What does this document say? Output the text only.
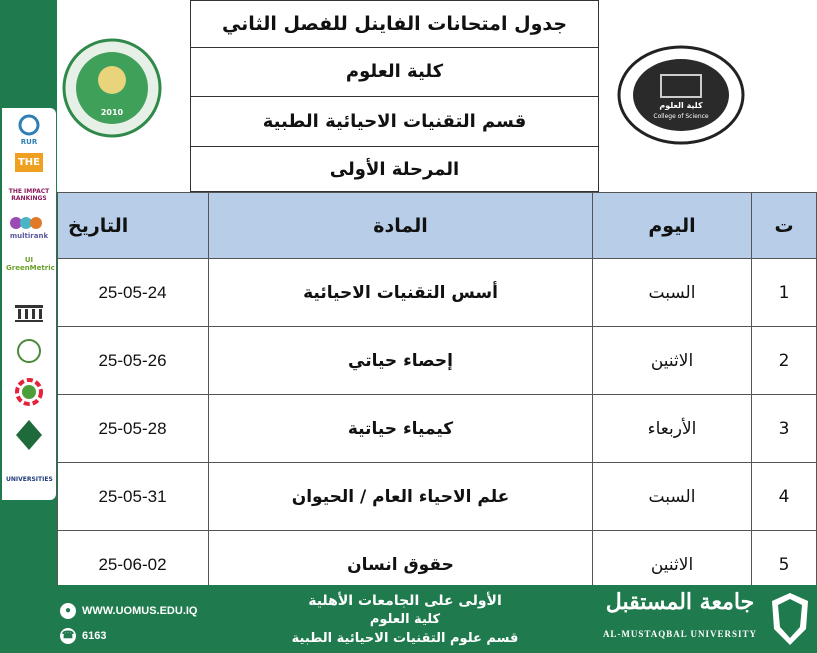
RUR
THE
THE IMPACT RANKINGS
multirank
UI GreenMetric
UNIVERSITIES
2010
كلية العلوم
College of Science
جدول امتحانات الفاينل للفصل الثاني
كلية العلوم
قسم التقنيات الاحيائية الطبية
المرحلة الأولى
ت	اليوم	المادة	التاريخ
1	السبت	أسس التقنيات الاحيائية	25-05-24
2	الاثنين	إحصاء حياتي	25-05-26
3	الأربعاء	كيمياء حياتية	25-05-28
4	السبت	علم الاحياء العام / الحيوان	25-05-31
5	الاثنين	حقوق انسان	25-06-02
● WWW.UOMUS.EDU.IQ
☎ 6163
الأولى على الجامعات الأهلية
كلية العلوم
قسم علوم التقنيات الاحيائية الطبية
جامعة المستقبل
AL-MUSTAQBAL UNIVERSITY
